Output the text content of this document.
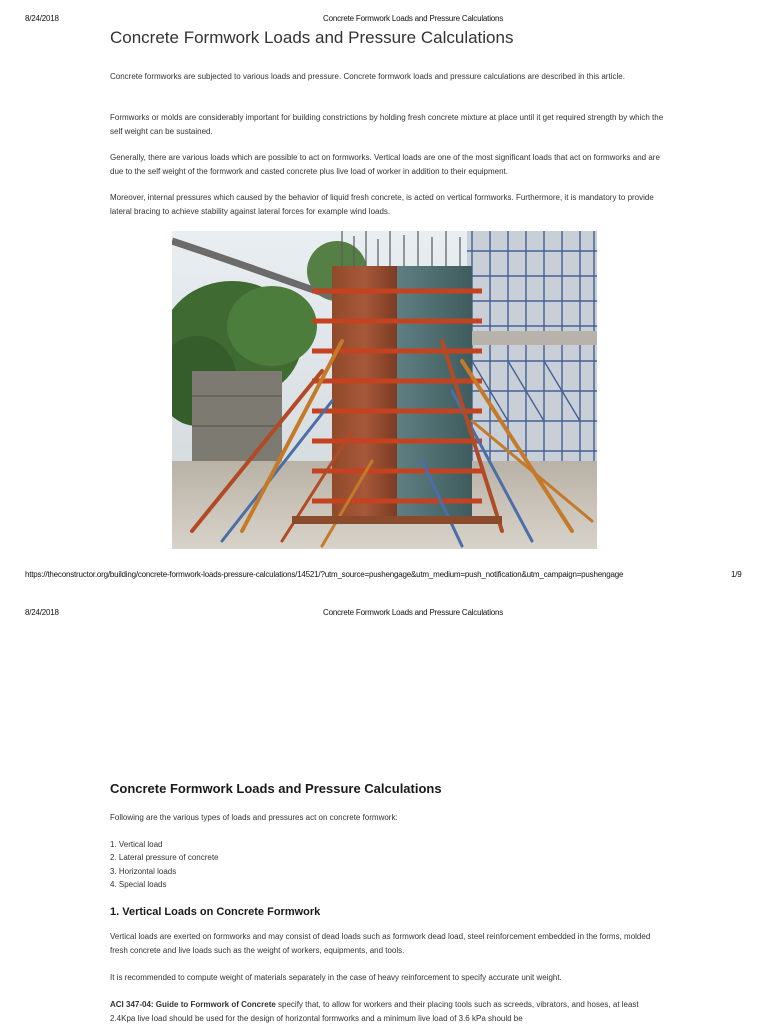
8/24/2018	Concrete Formwork Loads and Pressure Calculations
Concrete Formwork Loads and Pressure Calculations
Concrete formworks are subjected to various loads and pressure. Concrete formwork loads and pressure calculations are described in this article.
Formworks or molds are considerably important for building constrictions by holding fresh concrete mixture at place until it get required strength by which the self weight can be sustained.
Generally, there are various loads which are possible to act on formworks. Vertical loads are one of the most significant loads that act on formworks and are due to the self weight of the formwork and casted concrete plus live load of worker in addition to their equipment.
Moreover, internal pressures which caused by the behavior of liquid fresh concrete, is acted on vertical formworks. Furthermore, it is mandatory to provide lateral bracing to achieve stability against lateral forces for example wind loads.
https://theconstructor.org/building/concrete-formwork-loads-pressure-calculations/14521/?utm_source=pushengage&utm_medium=push_notification&utm_campaign=pushengage	1/9
8/24/2018	Concrete Formwork Loads and Pressure Calculations
Concrete Formwork Loads and Pressure Calculations
Following are the various types of loads and pressures act on concrete formwork:
1. Vertical load
2. Lateral pressure of concrete
3. Horizontal loads
4. Special loads
1. Vertical Loads on Concrete Formwork
Vertical loads are exerted on formworks and may consist of dead loads such as formwork dead load, steel reinforcement embedded in the forms, molded fresh concrete and live loads such as the weight of workers, equipments, and tools.
It is recommended to compute weight of materials separately in the case of heavy reinforcement to specify accurate unit weight.
ACI 347-04: Guide to Formwork of Concrete specify that, to allow for workers and their placing tools such as screeds, vibrators, and hoses, at least 2.4Kpa live load should be used for the design of horizontal formworks and a minimum live load of 3.6 kPa should be
